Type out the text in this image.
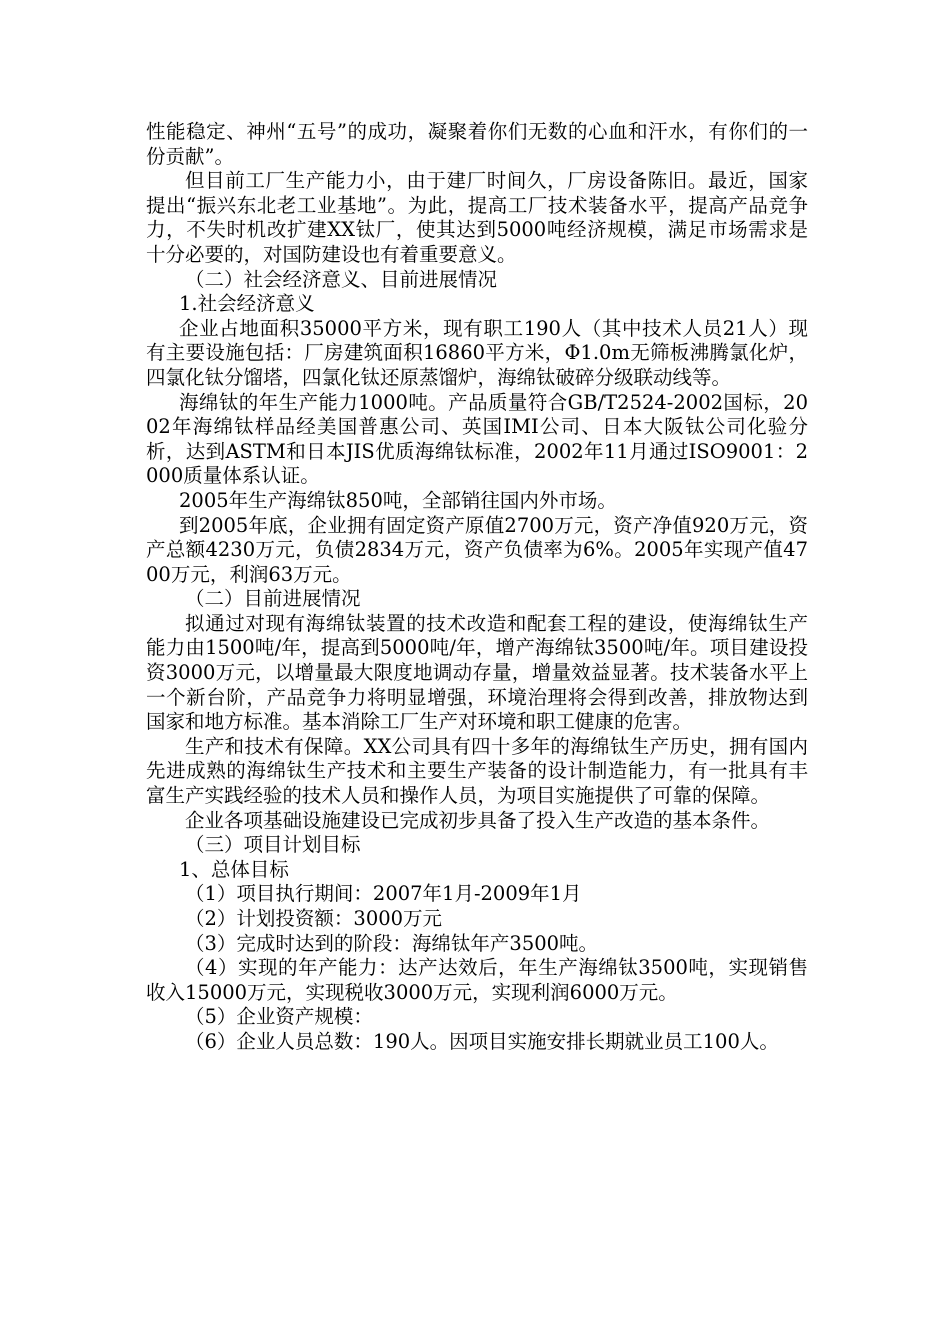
性能稳定、神州“五号”的成功，凝聚着你们无数的心血和汗水，有你们的一份贡献”。

但目前工厂生产能力小，由于建厂时间久，厂房设备陈旧。最近，国家提出“振兴东北老工业基地”。为此，提高工厂技术装备水平，提高产品竞争力，不失时机改扩建XX钛厂，使其达到5000吨经济规模，满足市场需求是十分必要的，对国防建设也有着重要意义。

（二）社会经济意义、目前进展情况

1.社会经济意义

企业占地面积35000平方米，现有职工190人（其中技术人员21人）现有主要设施包括：厂房建筑面积16860平方米，Φ1.0m无筛板沸腾氯化炉，四氯化钛分馏塔，四氯化钛还原蒸馏炉，海绵钛破碎分级联动线等。

海绵钛的年生产能力1000吨。产品质量符合GB/T2524-2002国标，2002年海绵钛样品经美国普惠公司、英国IMI公司、日本大阪钛公司化验分析，达到ASTM和日本JIS优质海绵钛标准，2002年11月通过ISO9001：2000质量体系认证。

2005年生产海绵钛850吨，全部销往国内外市场。

到2005年底，企业拥有固定资产原值2700万元，资产净值920万元，资产总额4230万元，负债2834万元，资产负债率为6%。2005年实现产值4700万元，利润63万元。

（二）目前进展情况

拟通过对现有海绵钛装置的技术改造和配套工程的建设，使海绵钛生产能力由1500吨/年，提高到5000吨/年，增产海绵钛3500吨/年。项目建设投资3000万元，以增量最大限度地调动存量，增量效益显著。技术装备水平上一个新台阶，产品竞争力将明显增强，环境治理将会得到改善，排放物达到国家和地方标准。基本消除工厂生产对环境和职工健康的危害。

生产和技术有保障。XX公司具有四十多年的海绵钛生产历史，拥有国内先进成熟的海绵钛生产技术和主要生产装备的设计制造能力，有一批具有丰富生产实践经验的技术人员和操作人员，为项目实施提供了可靠的保障。

企业各项基础设施建设已完成初步具备了投入生产改造的基本条件。

（三）项目计划目标

1、总体目标

（1）项目执行期间：2007年1月-2009年1月

（2）计划投资额：3000万元

（3）完成时达到的阶段：海绵钛年产3500吨。

（4）实现的年产能力：达产达效后，年生产海绵钛3500吨，实现销售收入15000万元，实现税收3000万元，实现利润6000万元。

（5）企业资产规模：

（6）企业人员总数：190人。因项目实施安排长期就业员工100人。
